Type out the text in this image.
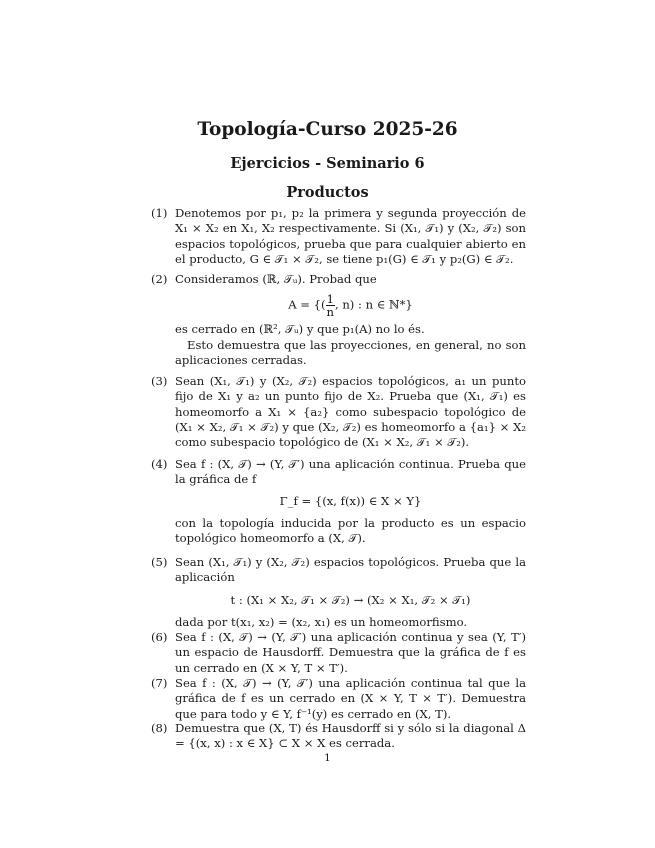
Topología-Curso 2025-26
Ejercicios - Seminario 6
Productos
(1) Denotemos por p₁, p₂ la primera y segunda proyección de X₁ × X₂ en X₁, X₂ respectivamente. Si (X₁, 𝒯₁) y (X₂, 𝒯₂) son espacios topológicos, prueba que para cualquier abierto en el producto, G ∈ 𝒯₁ × 𝒯₂, se tiene p₁(G) ∈ 𝒯₁ y p₂(G) ∈ 𝒯₂.
(2) Consideramos (ℝ, 𝒯ᵤ). Probad que
A = {( $\frac{1}{n}$ , n) : n ∈ ℕ*}
es cerrado en (ℝ², 𝒯ᵤ) y que p₁(A) no lo és.
Esto demuestra que las proyecciones, en general, no son aplicaciones cerradas.
(3) Sean (X₁, 𝒯₁) y (X₂, 𝒯₂) espacios topológicos, a₁ un punto fijo de X₁ y a₂ un punto fijo de X₂. Prueba que (X₁, 𝒯₁) es homeomorfo a X₁ × {a₂} como subespacio topológico de (X₁ × X₂, 𝒯₁ × 𝒯₂) y que (X₂, 𝒯₂) es homeomorfo a {a₁} × X₂ como subespacio topológico de (X₁ × X₂, 𝒯₁ × 𝒯₂).
(4) Sea f : (X, 𝒯) → (Y, 𝒯′) una aplicación continua. Prueba que la gráfica de f
Γ_f = {(x, f(x)) ∈ X × Y}
con la topología inducida por la producto es un espacio topológico homeomorfo a (X, 𝒯).
(5) Sean (X₁, 𝒯₁) y (X₂, 𝒯₂) espacios topológicos. Prueba que la aplicación
t : (X₁ × X₂, 𝒯₁ × 𝒯₂) → (X₂ × X₁, 𝒯₂ × 𝒯₁)
dada por t(x₁, x₂) = (x₂, x₁) es un homeomorfismo.
(6) Sea f : (X, 𝒯) → (Y, 𝒯′) una aplicación continua y sea (Y, T′) un espacio de Hausdorff. Demuestra que la gráfica de f es un cerrado en (X × Y, T × T′).
(7) Sea f : (X, 𝒯) → (Y, 𝒯′) una aplicación continua tal que la gráfica de f es un cerrado en (X × Y, T × T′). Demuestra que para todo y ∈ Y, f⁻¹(y) es cerrado en (X, T).
(8) Demuestra que (X, T) és Hausdorff si y sólo si la diagonal Δ = {(x, x) : x ∈ X} ⊂ X × X es cerrada.
1
